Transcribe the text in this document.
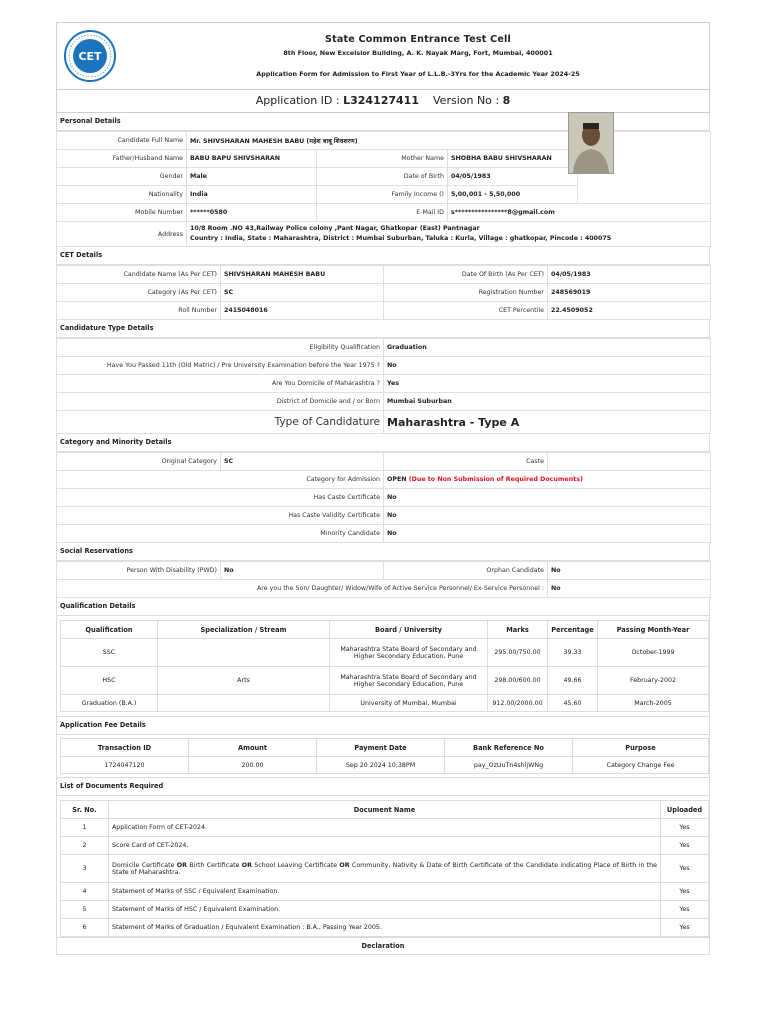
CET
State Common Entrance Test Cell
8th Floor, New Excelsior Building, A. K. Nayak Marg, Fort, Mumbai, 400001
Application Form for Admission to First Year of L.L.B.-3Yrs for the Academic Year 2024-25
Application ID : L324127411 Version No : 8
Personal Details
Candidate Full Name	Mr. SHIVSHARAN MAHESH BABU (महेश बाबू शिवशरण)			
Father/Husband Name	BABU BAPU SHIVSHARAN	Mother Name	SHOBHA BABU SHIVSHARAN	
Gender	Male	Date of Birth	04/05/1983	
Nationality	India	Family Income ()	5,00,001 - 5,50,000	
Mobile Number	******0580	E-Mail ID	s****************8@gmail.com	
Address	10/8 Room .NO 43,Railway Police colony ,Pant Nagar, Ghatkopar (East) Pantnagar
Country : India, State : Maharashtra, District : Mumbai Suburban, Taluka : Kurla, Village : ghatkopar, Pincode : 400075			
CET Details
Candidate Name (As Per CET)	SHIVSHARAN MAHESH BABU	Date Of Birth (As Per CET)	04/05/1983
Category (As Per CET)	SC	Registration Number	248569019
Roll Number	2415048016	CET Percentile	22.4509052
Candidature Type Details
Eligibility Qualification	Graduation
Have You Passed 11th (Old Matric) / Pre University Examination before the Year 1975 ?	No
Are You Domicile of Maharashtra ?	Yes
District of Domicile and / or Born	Mumbai Suburban
Type of Candidature	Maharashtra - Type A
Category and Minority Details
Original Category	SC	Caste	
Category for Admission		OPEN (Due to Non Submission of Required Documents)	
Has Caste Certificate		No	
Has Caste Validity Certificate		No	
Minority Candidate		No	
Social Reservations
Person With Disability (PWD)	No	Orphan Candidate	No
Are you the Son/ Daughter/ Widow/Wife of Active Service Personnel/ Ex-Service Personnel :			No
Qualification Details
Qualification	Specialization / Stream	Board / University	Marks	Percentage	Passing Month-Year
SSC		Maharashtra State Board of Secondary and Higher Secondary Education, Pune	295.00/750.00	39.33	October-1999
HSC	Arts	Maharashtra State Board of Secondary and Higher Secondary Education, Pune	298.00/600.00	49.66	February-2002
Graduation (B.A.)		University of Mumbai, Mumbai	912.00/2000.00	45.60	March-2005
Application Fee Details
Transaction ID	Amount	Payment Date	Bank Reference No	Purpose
1724047120	200.00	Sep 20 2024 10:38PM	pay_OzUuTn4shljWNg	Category Change Fee
List of Documents Required
Sr. No.	Document Name	Uploaded
1	Application Form of CET-2024.	Yes
2	Score Card of CET-2024.	Yes
3	Domicile Certificate OR Birth Certificate OR School Leaving Certificate OR Community, Nativity & Date of Birth Certificate of the Candidate indicating Place of Birth in the State of Maharashtra.	Yes
4	Statement of Marks of SSC / Equivalent Examination.	Yes
5	Statement of Marks of HSC / Equivalent Examination.	Yes
6	Statement of Marks of Graduation / Equivalent Examination : B.A., Passing Year 2005.	Yes
Declaration
